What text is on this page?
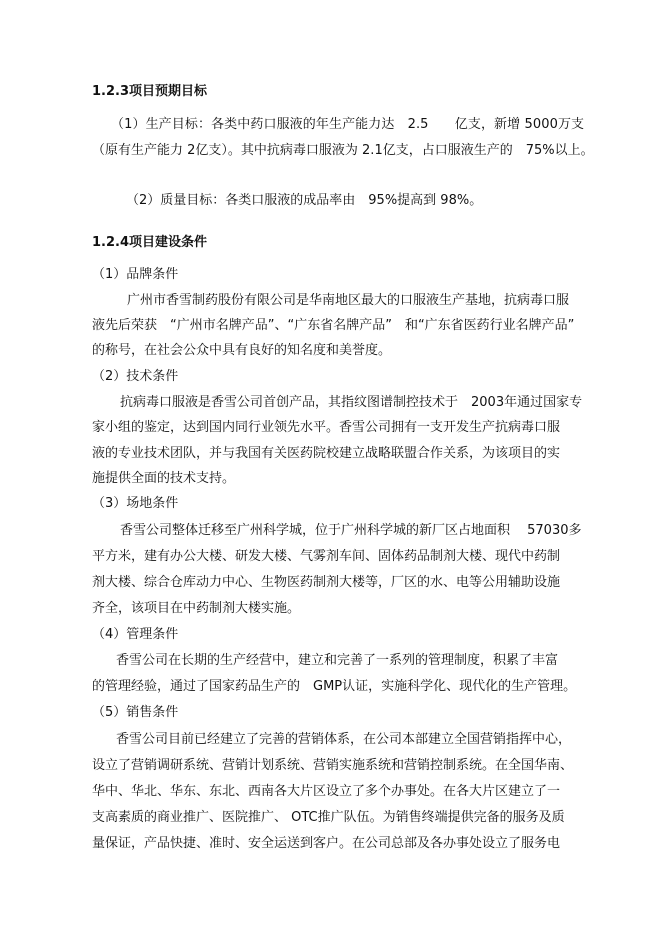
1.2.3项目预期目标
（1）生产目标：各类中药口服液的年生产能力达　2.5　　亿支，新增 5000万支
（原有生产能力 2亿支）。其中抗病毒口服液为 2.1亿支，占口服液生产的　75%以上。
（2）质量目标：各类口服液的成品率由　95%提高到 98%。
1.2.4项目建设条件
（1）品牌条件
广州市香雪制药股份有限公司是华南地区最大的口服液生产基地，抗病毒口服
液先后荣获　“广州市名牌产品”、“广东省名牌产品”　和“广东省医药行业名牌产品”
的称号，在社会公众中具有良好的知名度和美誉度。
（2）技术条件
抗病毒口服液是香雪公司首创产品，其指纹图谱制控技术于　2003年通过国家专
家小组的鉴定，达到国内同行业领先水平。香雪公司拥有一支开发生产抗病毒口服
液的专业技术团队，并与我国有关医药院校建立战略联盟合作关系，为该项目的实
施提供全面的技术支持。
（3）场地条件
香雪公司整体迁移至广州科学城，位于广州科学城的新厂区占地面积　 57030多
平方米，建有办公大楼、研发大楼、气雾剂车间、固体药品制剂大楼、现代中药制
剂大楼、综合仓库动力中心、生物医药制剂大楼等，厂区的水、电等公用辅助设施
齐全，该项目在中药制剂大楼实施。
（4）管理条件
香雪公司在长期的生产经营中，建立和完善了一系列的管理制度，积累了丰富
的管理经验，通过了国家药品生产的　GMP认证，实施科学化、现代化的生产管理。
（5）销售条件
香雪公司目前已经建立了完善的营销体系，在公司本部建立全国营销指挥中心，
设立了营销调研系统、营销计划系统、营销实施系统和营销控制系统。在全国华南、
华中、华北、华东、东北、西南各大片区设立了多个办事处。在各大片区建立了一
支高素质的商业推广、医院推广、 OTC推广队伍。为销售终端提供完备的服务及质
量保证，产品快捷、准时、安全运送到客户。在公司总部及各办事处设立了服务电
